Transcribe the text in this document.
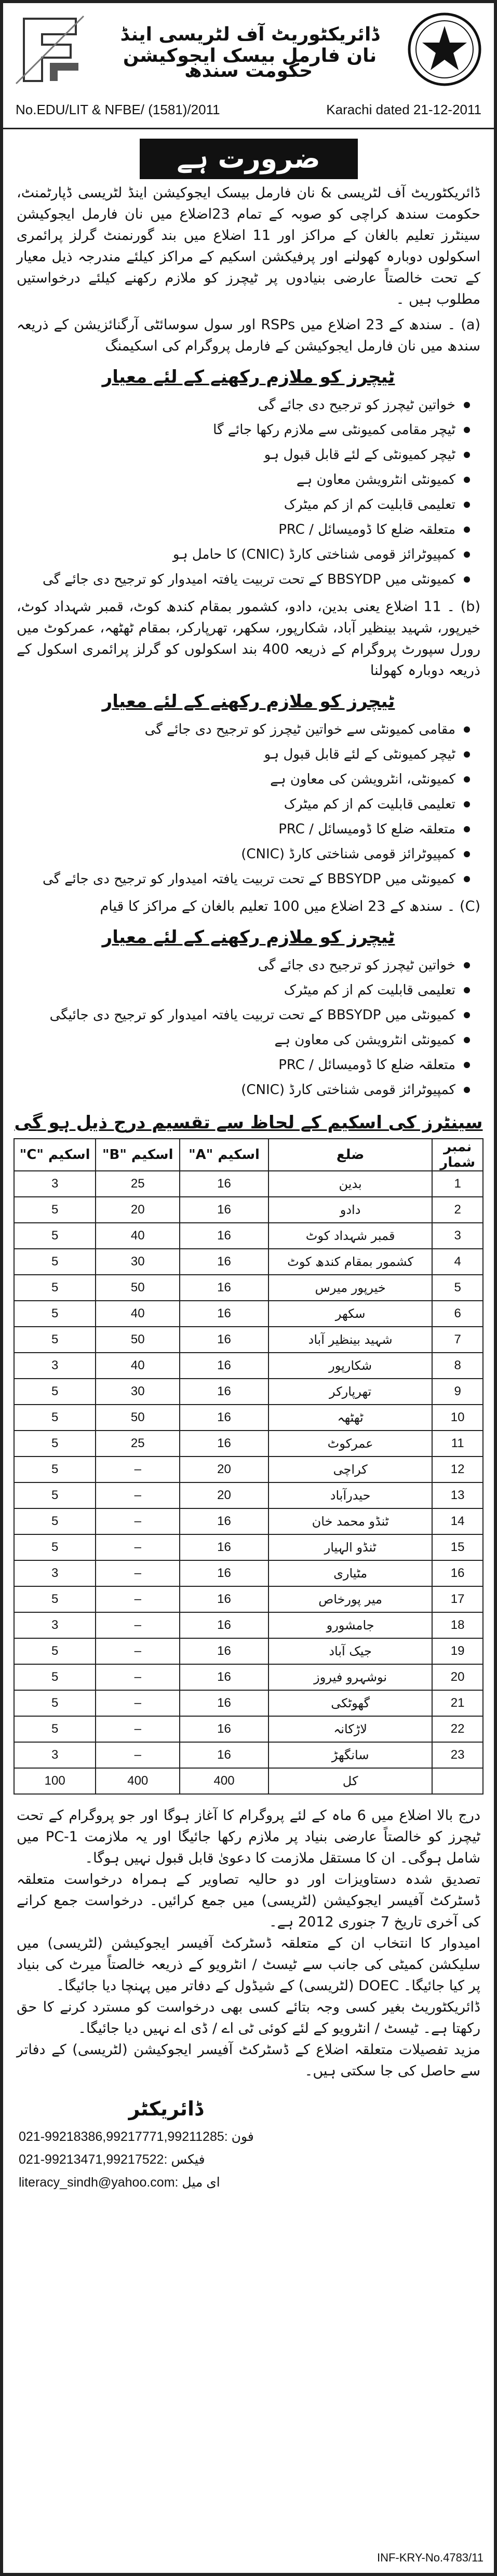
ڈائریکٹوریٹ آف لٹریسی اینڈ نان فارمل بیسک ایجوکیشن
حکومت سندھ
No.EDU/LIT & NFBE/ (1581)/2011	Karachi dated 21-12-2011
ضرورت ہے
ڈائریکٹوریٹ آف لٹریسی & نان فارمل بیسک ایجوکیشن اینڈ لٹریسی ڈپارٹمنٹ، حکومت سندھ کراچی کو صوبہ کے تمام 23اضلاع میں نان فارمل ایجوکیشن سینٹرز تعلیم بالغان کے مراکز اور 11 اضلاع میں بند گورنمنٹ گرلز پرائمری اسکولوں دوبارہ کھولنے اور پرفیکشن اسکیم کے مراکز کیلئے مندرجہ ذیل معیار کے تحت خالصتاً عارضی بنیادوں پر ٹیچرز کو ملازم رکھنے کیلئے درخواستیں مطلوب ہیں ۔
(a) ۔ سندھ کے 23 اضلاع میں RSPs اور سول سوسائٹی آرگنائزیشن کے ذریعہ سندھ میں نان فارمل ایجوکیشن کے فارمل پروگرام کی اسکیمنگ
ٹیچرز کو ملازم رکھنے کے لئے معیار
خواتین ٹیچرز کو ترجیح دی جائے گی
ٹیچر مقامی کمیونٹی سے ملازم رکھا جائے گا
ٹیچر کمیونٹی کے لئے قابل قبول ہو
کمیونٹی انٹرویشن معاون ہے
تعلیمی قابلیت کم از کم میٹرک
متعلقہ ضلع کا ڈومیسائل / PRC
کمپیوٹرائز قومی شناختی کارڈ (CNIC) کا حامل ہو
کمیونٹی میں BBSYDP کے تحت تربیت یافتہ امیدوار کو ترجیح دی جائے گی
(b) ۔ 11 اضلاع یعنی بدین، دادو، کشمور بمقام کندھ کوٹ، قمبر شہداد کوٹ، خیرپور، شہید بینظیر آباد، شکارپور، سکھر، تھرپارکر، بمقام ٹھٹھہ، عمرکوٹ میں رورل سپورٹ پروگرام کے ذریعہ 400 بند اسکولوں کو گرلز پرائمری اسکول کے ذریعہ دوبارہ کھولنا
ٹیچرز کو ملازم رکھنے کے لئے معیار
مقامی کمیونٹی سے خواتین ٹیچرز کو ترجیح دی جائے گی
ٹیچر کمیونٹی کے لئے قابل قبول ہو
کمیونٹی، انٹرویشن کی معاون ہے
تعلیمی قابلیت کم از کم میٹرک
متعلقہ ضلع کا ڈومیسائل / PRC
کمپیوٹرائز قومی شناختی کارڈ (CNIC)
کمیونٹی میں BBSYDP کے تحت تربیت یافتہ امیدوار کو ترجیح دی جائے گی
(C) ۔ سندھ کے 23 اضلاع میں 100 تعلیم بالغان کے مراکز کا قیام
ٹیچرز کو ملازم رکھنے کے لئے معیار
خواتین ٹیچرز کو ترجیح دی جائے گی
تعلیمی قابلیت کم از کم میٹرک
کمیونٹی میں BBSYDP کے تحت تربیت یافتہ امیدوار کو ترجیح دی جائیگی
کمیونٹی انٹرویشن کی معاون ہے
متعلقہ ضلع کا ڈومیسائل / PRC
کمپیوٹرائز قومی شناختی کارڈ (CNIC)
سینٹرز کی اسکیم کے لحاظ سے تقسیم درج ذیل ہو گی
نمبر شمار	ضلع	اسکیم "A"	اسکیم "B"	اسکیم "C"
1	بدین	16	25	3
2	دادو	16	20	5
3	قمبر شہداد کوٹ	16	40	5
4	کشمور بمقام کندھ کوٹ	16	30	5
5	خیرپور میرس	16	50	5
6	سکھر	16	40	5
7	شہید بینظیر آباد	16	50	5
8	شکارپور	16	40	3
9	تھرپارکر	16	30	5
10	ٹھٹھہ	16	50	5
11	عمرکوٹ	16	25	5
12	کراچی	20	–	5
13	حیدرآباد	20	–	5
14	ٹنڈو محمد خان	16	–	5
15	ٹنڈو الہیار	16	–	5
16	مٹیاری	16	–	3
17	میر پورخاص	16	–	5
18	جامشورو	16	–	3
19	جیک آباد	16	–	5
20	نوشہرو فیروز	16	–	5
21	گھوٹکی	16	–	5
22	لاڑکانہ	16	–	5
23	سانگھڑ	16	–	3
	کل	400	400	100
درج بالا اضلاع میں 6 ماہ کے لئے پروگرام کا آغاز ہوگا اور جو پروگرام کے تحت ٹیچرز کو خالصتاً عارضی بنیاد پر ملازم رکھا جائیگا اور یہ ملازمت PC-1 میں شامل ہوگی۔ ان کا مستقل ملازمت کا دعویٰ قابل قبول نہیں ہوگا۔
تصدیق شدہ دستاویزات اور دو حالیہ تصاویر کے ہمراہ درخواست متعلقہ ڈسٹرکٹ آفیسر ایجوکیشن (لٹریسی) میں جمع کرائیں۔ درخواست جمع کرانے کی آخری تاریخ 7 جنوری 2012 ہے۔
امیدوار کا انتخاب ان کے متعلقہ ڈسٹرکٹ آفیسر ایجوکیشن (لٹریسی) میں سلیکشن کمیٹی کی جانب سے ٹیسٹ / انٹرویو کے ذریعہ خالصتاً میرٹ کی بنیاد پر کیا جائیگا۔ DOEC (لٹریسی) کے شیڈول کے دفاتر میں پہنچا دیا جائیگا۔
ڈائریکٹوریٹ بغیر کسی وجہ بتائے کسی بھی درخواست کو مسترد کرنے کا حق رکھتا ہے۔ ٹیسٹ / انٹرویو کے لئے کوئی ٹی اے / ڈی اے نہیں دیا جائیگا۔
مزید تفصیلات متعلقہ اضلاع کے ڈسٹرکٹ آفیسر ایجوکیشن (لٹریسی) کے دفاتر سے حاصل کی جا سکتی ہیں۔
ڈائریکٹر
021-99218386,99217771,99211285: فون
021-99213471,99217522: فیکس
literacy_sindh@yahoo.com: ای میل
INF-KRY-No.4783/11
